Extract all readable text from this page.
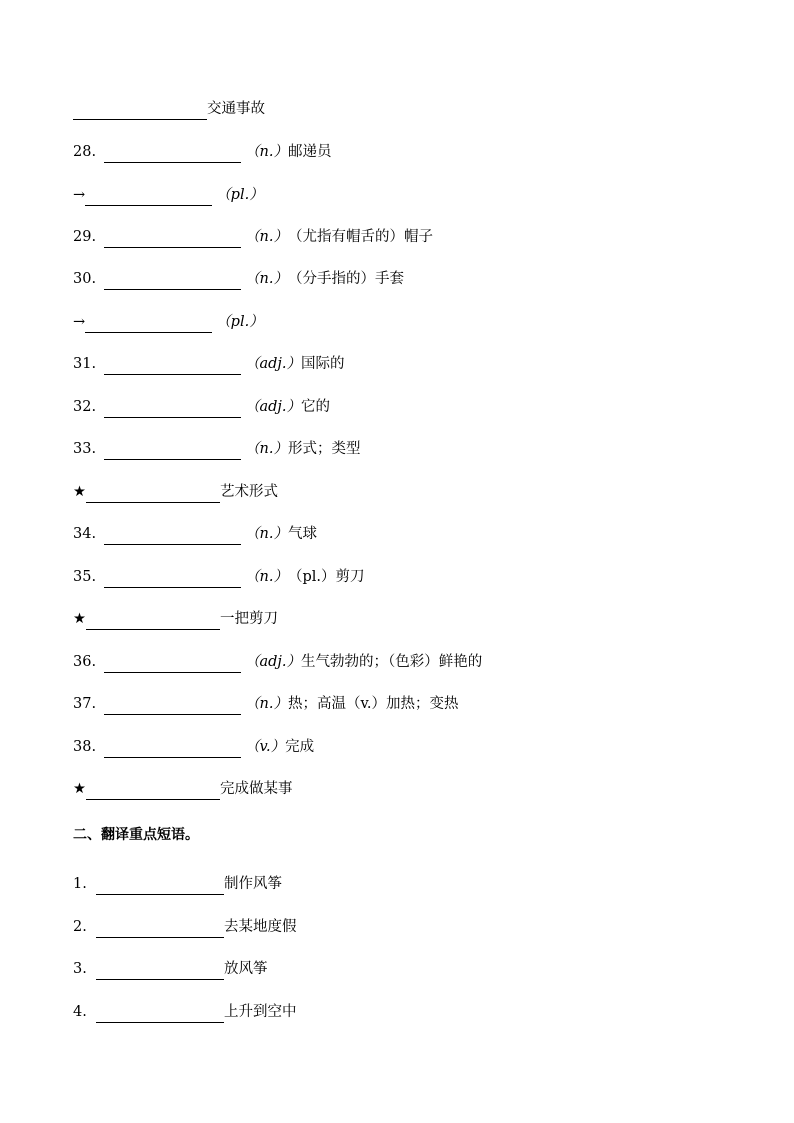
交通事故
28.	（n.） 邮递员
→	（pl.）
29.	（n.） （尤指有帽舌的）帽子
30.	（n.） （分手指的）手套
→	（pl.）
31.	（adj.） 国际的
32.	（adj.） 它的
33.	（n.） 形式；类型
★	艺术形式
34.	（n.） 气球
35.	（n.） （pl.）剪刀
★	一把剪刀
36.	（adj.） 生气勃勃的；（色彩）鲜艳的
37.	（n.） 热；高温（v.）加热；变热
38.	（v.） 完成
★	完成做某事
二、翻译重点短语。
1.	制作风筝
2.	去某地度假
3.	放风筝
4.	上升到空中
